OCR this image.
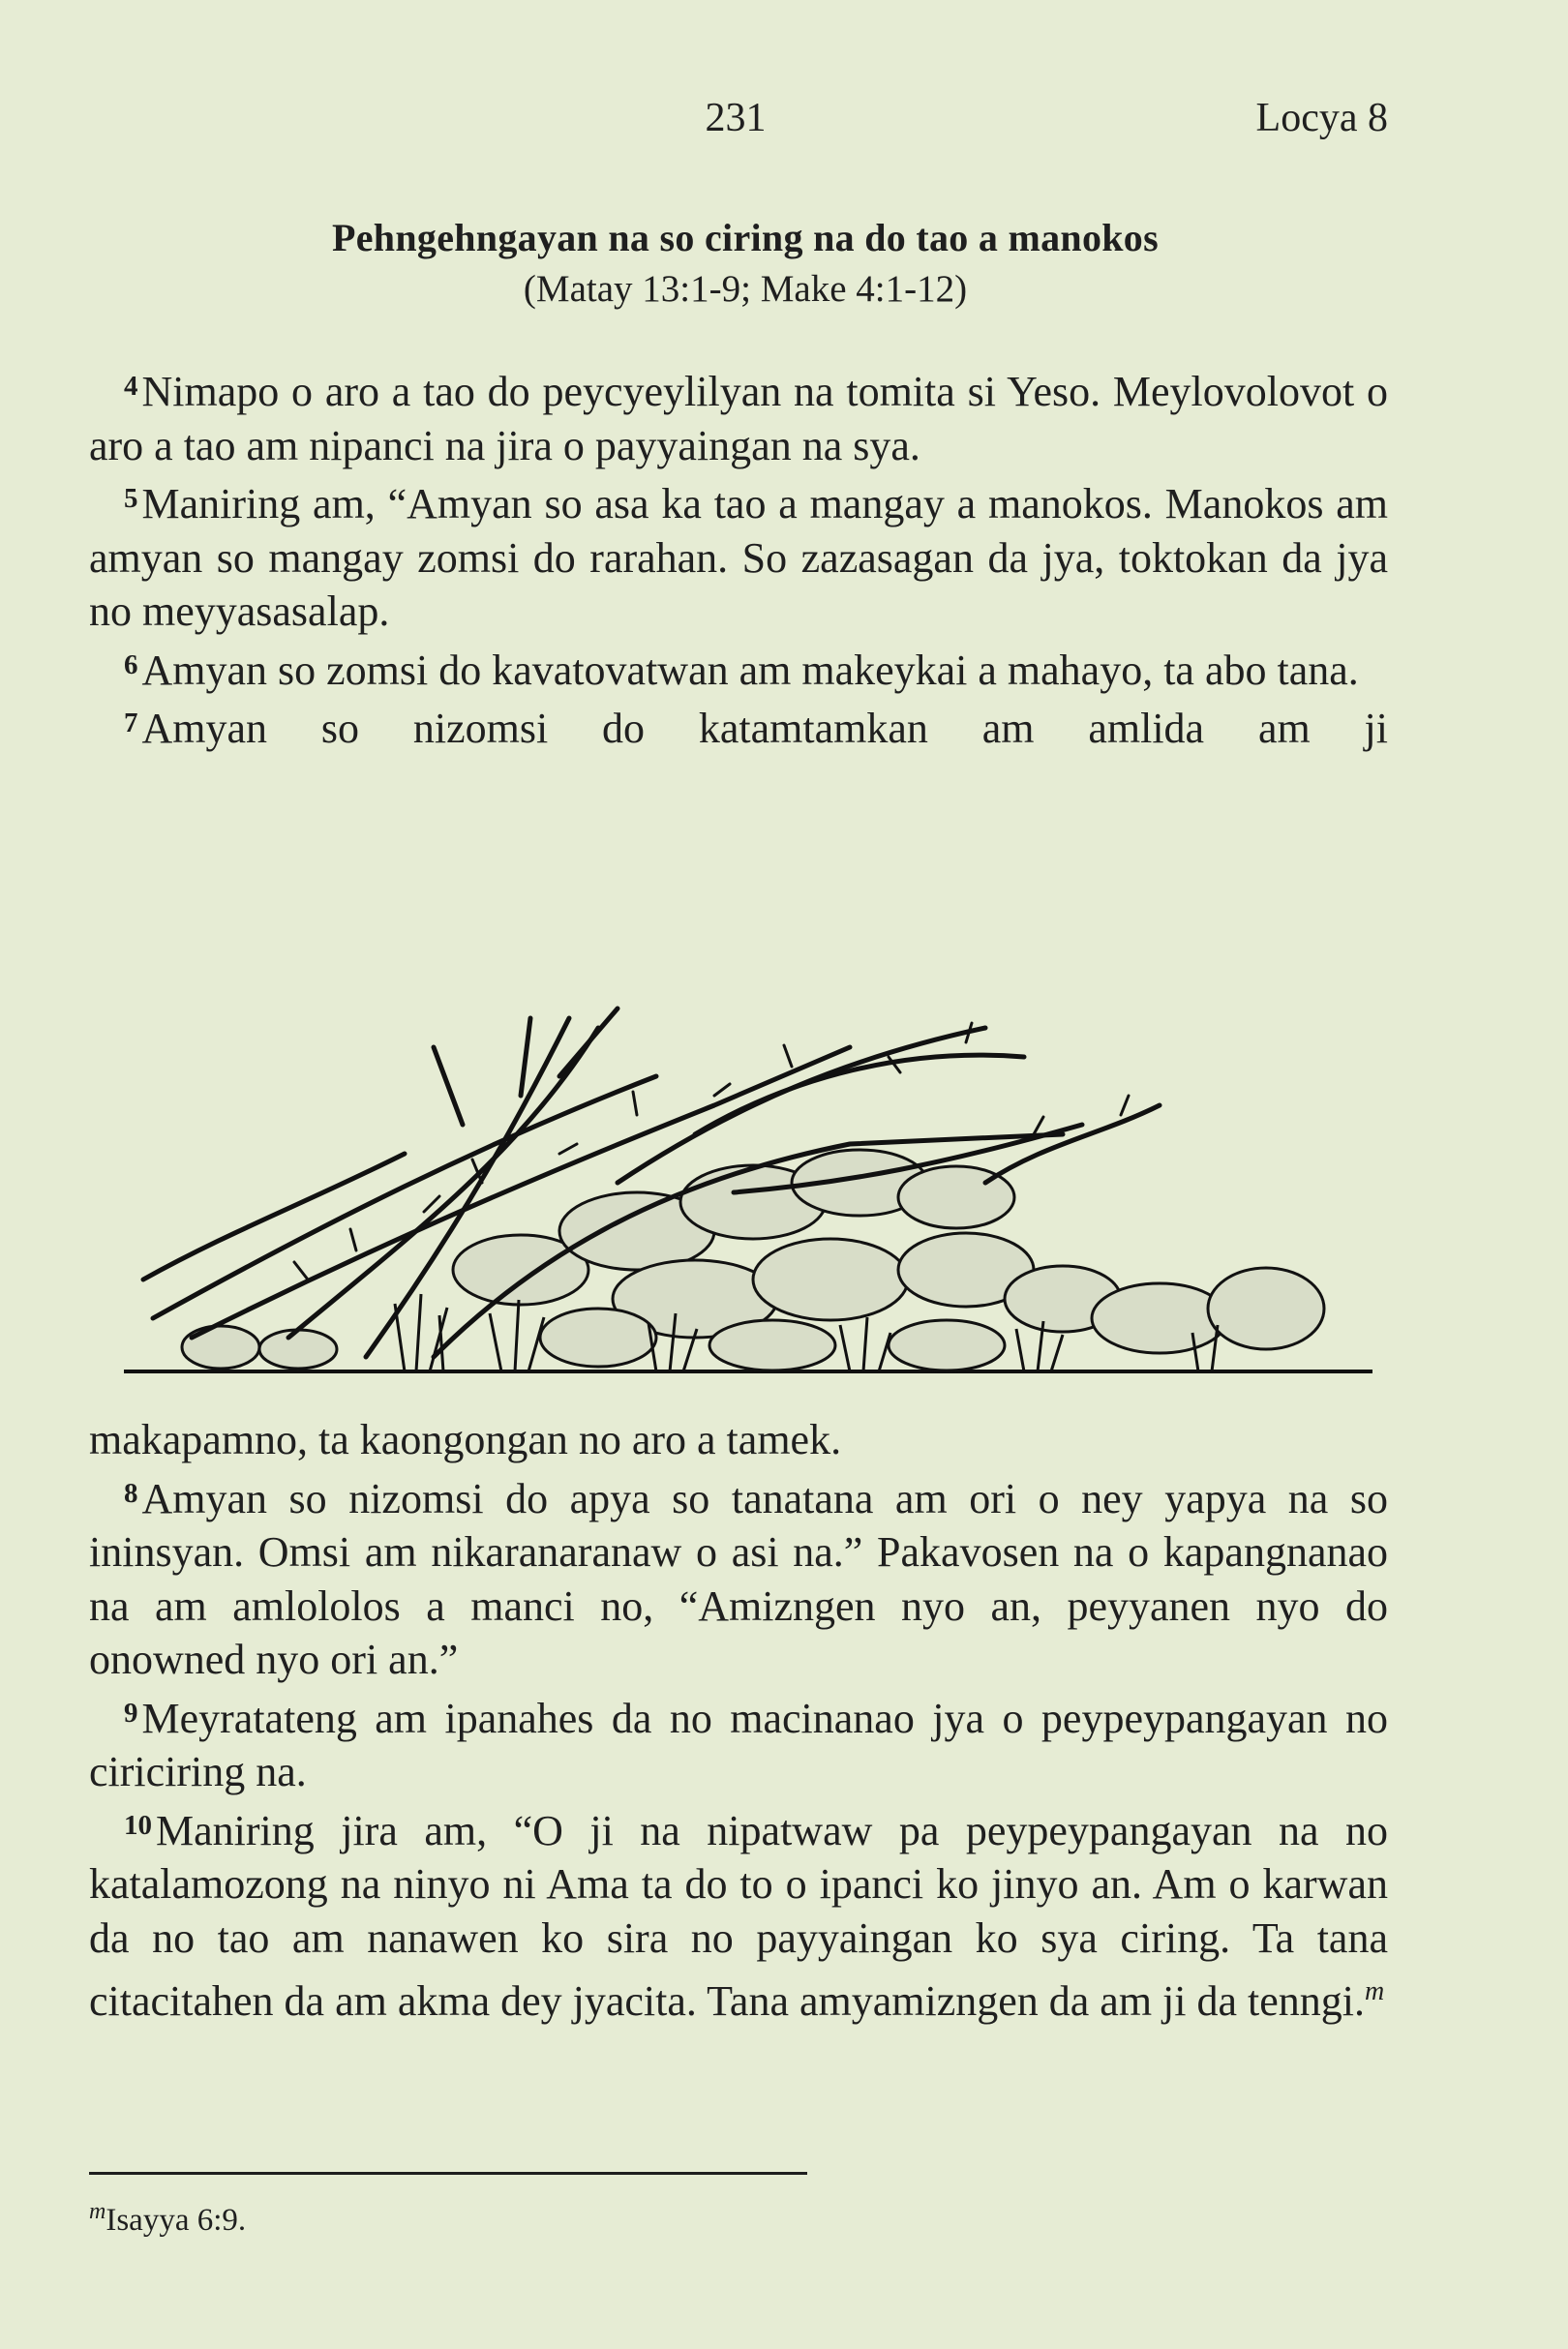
231	Locya 8
Pehngehngayan na so ciring na do tao a manokos
(Matay 13:1-9; Make 4:1-12)

$^4$Nimapo o aro a tao do peycyeylilyan na tomita si Yeso. Meylovolovot o aro a tao am nipanci na jira o payyaingan na sya.

$^5$Maniring am, “Amyan so asa ka tao a mangay a manokos. Manokos am amyan so mangay zomsi do rarahan. So zazasagan da jya, toktokan da jya no meyyasasalap.

$^6$Amyan so zomsi do kavatovatwan am makeykai a mahayo, ta abo tana.

$^7$Amyan so nizomsi do katamtamkan am amlida am ji

makapamno, ta kaongongan no aro a tamek.

$^8$Amyan so nizomsi do apya so tanatana am ori o ney yapya na so ininsyan. Omsi am nikaranaranaw o asi na.” Pakavosen na o kapangnanao na am amlololos a manci no, “Amizngen nyo an, peyyanen nyo do onowned nyo ori an.”

$^9$Meyratateng am ipanahes da no macinanao jya o peypeypangayan no ciriciring na.

$^{10}$Maniring jira am, “O ji na nipatwaw pa peypeypangayan na no katalamozong na ninyo ni Ama ta do to o ipanci ko jinyo an. Am o karwan da no tao am nanawen ko sira no payyaingan ko sya ciring. Ta tana citacitahen da am akma dey jyacita. Tana amyamizngen da am ji da tenngi.$^m$

$^m$Isayya 6:9.
